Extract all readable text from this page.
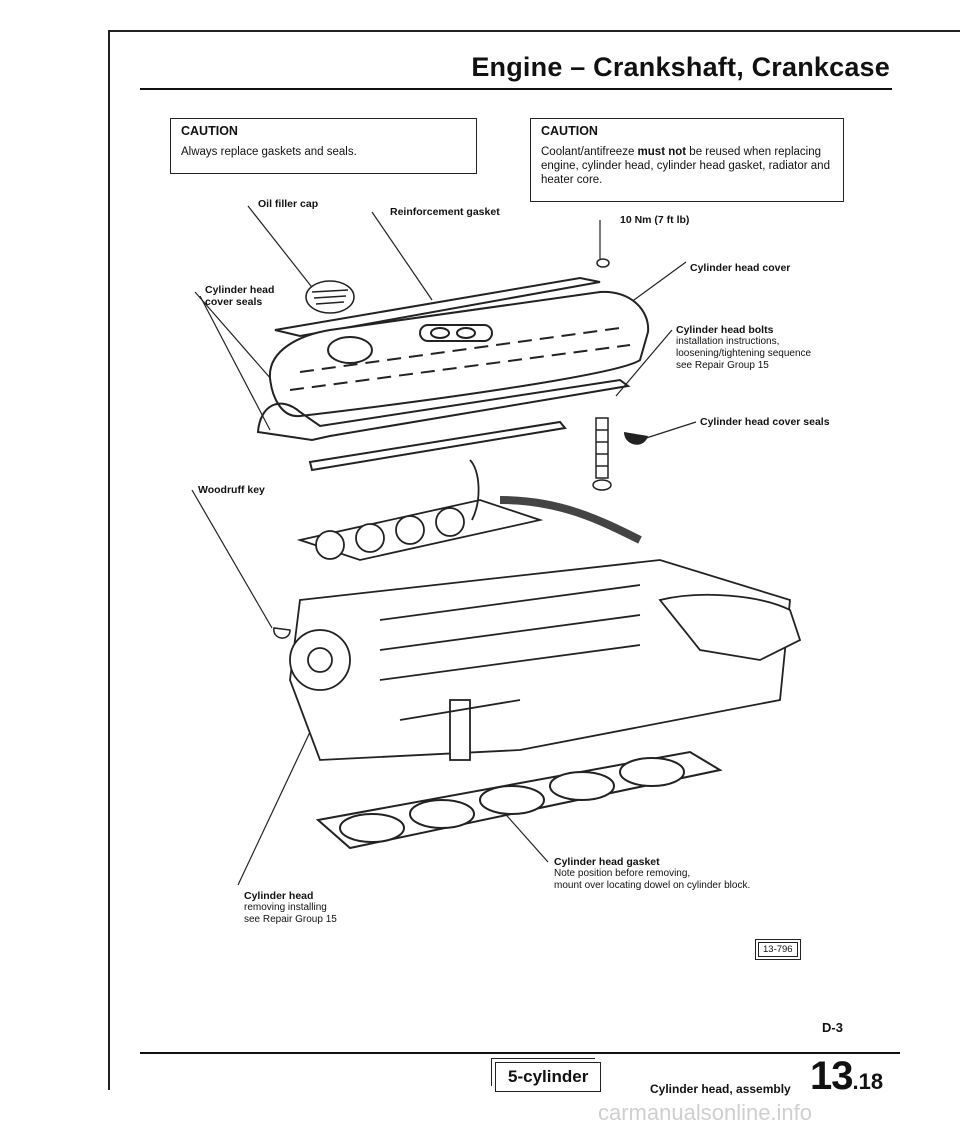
Engine – Crankshaft, Crankcase
CAUTION
Always replace gaskets and seals.
CAUTION
Coolant/antifreeze must not be reused when replacing engine, cylinder head, cylinder head gasket, radiator and heater core.
Oil filler cap
Reinforcement gasket
10 Nm (7 ft lb)
Cylinder head cover
Cylinder head
cover seals
Cylinder head bolts
installation instructions,
loosening/tightening sequence
see Repair Group 15
Cylinder head cover seals
Woodruff key
Cylinder head gasket
Note position before removing,
mount over locating dowel on cylinder block.
Cylinder head
removing installing
see Repair Group 15
13-796
D-3
5-cylinder
Cylinder head, assembly 13.18
carmanualsonline.info
